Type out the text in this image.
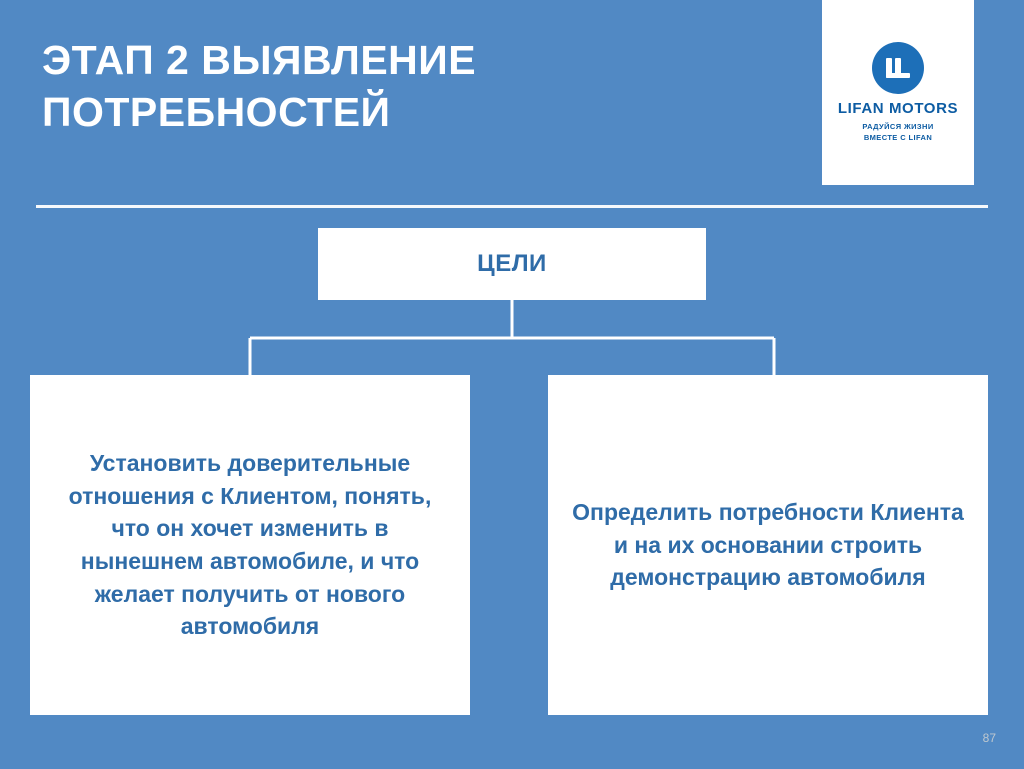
ЭТАП 2 ВЫЯВЛЕНИЕ ПОТРЕБНОСТЕЙ	LIFAN MOTORS
РАДУЙСЯ ЖИЗНИ
ВМЕСТЕ С LIFAN
ЦЕЛИ
Установить доверительные отношения с Клиентом, понять, что он хочет изменить в нынешнем автомобиле, и что желает получить от нового автомобиля
Определить потребности Клиента и на их основании строить демонстрацию автомобиля
87
